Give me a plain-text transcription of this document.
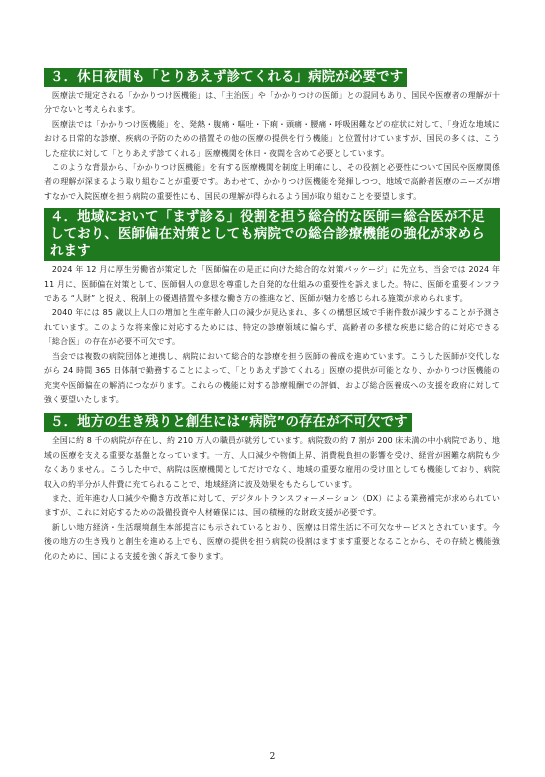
３．休日夜間も「とりあえず診てくれる」病院が必要です

医療法で規定される「かかりつけ医機能」は、「主治医」や「かかりつけの医師」との混同もあり、国民や医療者の理解が十分でないと考えられます。

医療法では「かかりつけ医機能」を、発熱・腹痛・嘔吐・下痢・頭痛・腰痛・呼吸困難などの症状に対して、「身近な地域における日常的な診療、疾病の予防のための措置その他の医療の提供を行う機能」と位置付けていますが、国民の多くは、こうした症状に対して「とりあえず診てくれる」医療機関を休日・夜間を含めて必要としています。

このような背景から、「かかりつけ医機能」を有する医療機関を制度上明確にし、その役割と必要性について国民や医療関係者の理解が深まるよう取り組むことが重要です。あわせて、かかりつけ医機能を発揮しつつ、地域で高齢者医療のニーズが増すなかで入院医療を担う病院の重要性にも、国民の理解が得られるよう国が取り組むことを要望します。

４．地域において「まず診る」役割を担う総合的な医師＝総合医が不足しており、医師偏在対策としても病院での総合診療機能の強化が求められます

2024 年 12 月に厚生労働省が策定した「医師偏在の是正に向けた総合的な対策パッケージ」に先立ち、当会では 2024 年 11 月に、医師偏在対策として、医師個人の意思を尊重した自発的な仕組みの重要性を訴えました。特に、医師を重要インフラである “人財” と捉え、税制上の優遇措置や多様な働き方の推進など、医師が魅力を感じられる施策が求められます。

2040 年には 85 歳以上人口の増加と生産年齢人口の減少が見込まれ、多くの構想区域で手術件数が減少することが予測されています。このような将来像に対応するためには、特定の診療領域に偏らず、高齢者の多様な疾患に総合的に対応できる「総合医」の存在が必要不可欠です。

当会では複数の病院団体と連携し、病院において総合的な診療を担う医師の養成を進めています。こうした医師が交代しながら 24 時間 365 日体制で勤務することによって、「とりあえず診てくれる」医療の提供が可能となり、かかりつけ医機能の充実や医師偏在の解消につながります。これらの機能に対する診療報酬での評価、および総合医養成への支援を政府に対して強く要望いたします。

５．地方の生き残りと創生には“病院”の存在が不可欠です

全国に約 8 千の病院が存在し、約 210 万人の職員が就労しています。病院数の約 7 割が 200 床未満の中小病院であり、地域の医療を支える重要な基盤となっています。一方、人口減少や物価上昇、消費税負担の影響を受け、経営が困難な病院も少なくありません。こうした中で、病院は医療機関としてだけでなく、地域の重要な雇用の受け皿としても機能しており、病院収入の約半分が人件費に充てられることで、地域経済に波及効果をもたらしています。

また、近年進む人口減少や働き方改革に対して、デジタルトランスフォーメーション（DX）による業務補完が求められていますが、これに対応するための設備投資や人材確保には、国の積極的な財政支援が必要です。

新しい地方経済・生活環境創生本部提言にも示されているとおり、医療は日常生活に不可欠なサービスとされています。今後の地方の生き残りと創生を進める上でも、医療の提供を担う病院の役割はますます重要となることから、その存続と機能強化のために、国による支援を強く訴えて参ります。

2
